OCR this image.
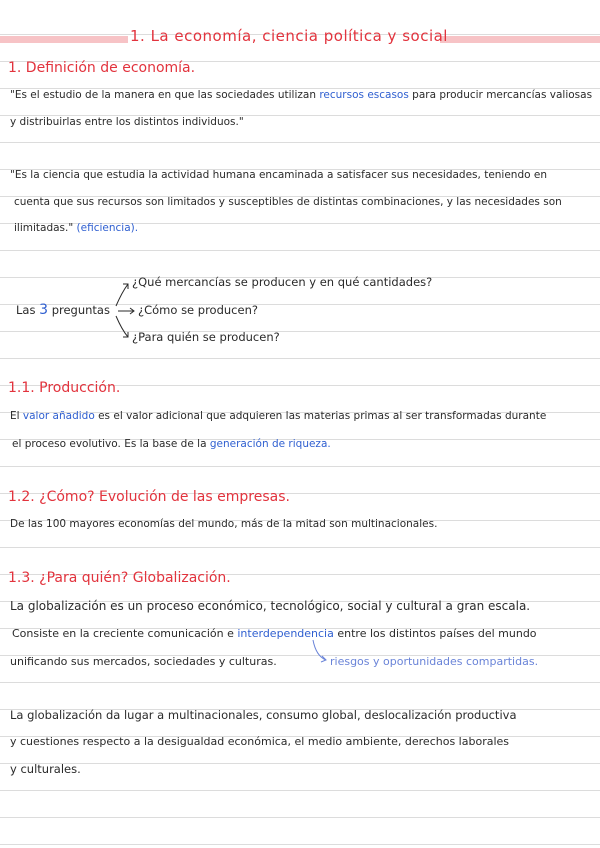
1. La economía, ciencia política y social
1. Definición de economía.
"Es el estudio de la manera en que las sociedades utilizan recursos escasos para producir mercancías valiosas
y distribuirlas entre los distintos individuos."
"Es la ciencia que estudia la actividad humana encaminada a satisfacer sus necesidades, teniendo en
cuenta que sus recursos son limitados y susceptibles de distintas combinaciones, y las necesidades son
ilimitadas." (eficiencia).
Las 3 preguntas
¿Qué mercancías se producen y en qué cantidades?
¿Cómo se producen?
¿Para quién se producen?
1.1. Producción.
El valor añadido es el valor adicional que adquieren las materias primas al ser transformadas durante
el proceso evolutivo. Es la base de la generación de riqueza.
1.2. ¿Cómo? Evolución de las empresas.
De las 100 mayores economías del mundo, más de la mitad son multinacionales.
1.3. ¿Para quién? Globalización.
La globalización es un proceso económico, tecnológico, social y cultural a gran escala.
Consiste en la creciente comunicación e interdependencia entre los distintos países del mundo
unificando sus mercados, sociedades y culturas.	riesgos y oportunidades compartidas.
La globalización da lugar a multinacionales, consumo global, deslocalización productiva
y cuestiones respecto a la desigualdad económica, el medio ambiente, derechos laborales
y culturales.
